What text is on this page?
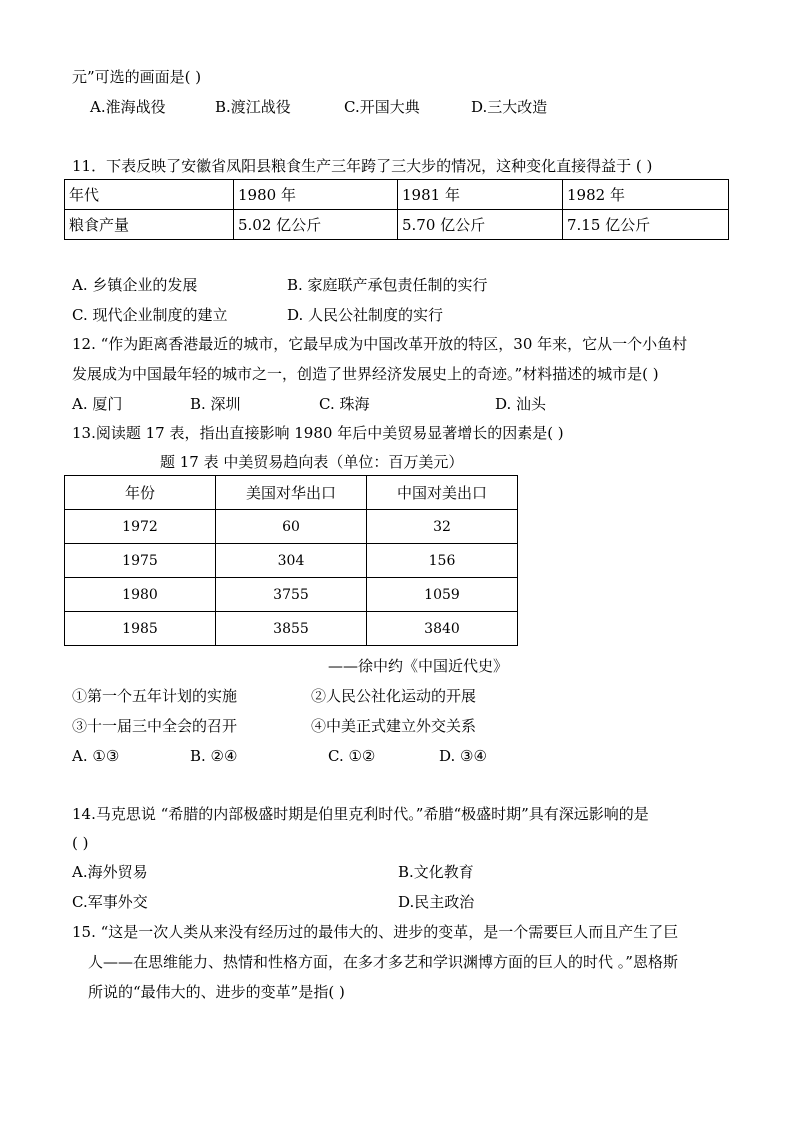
元”可选的画面是( )
A.淮海战役	B.渡江战役	C.开国大典	D.三大改造
11．下表反映了安徽省凤阳县粮食生产三年跨了三大步的情况，这种变化直接得益于 ( )
年代	1980 年	1981 年	1982 年
粮食产量	5.02 亿公斤	5.70 亿公斤	7.15 亿公斤
A. 乡镇企业的发展	B. 家庭联产承包责任制的实行
C. 现代企业制度的建立	D. 人民公社制度的实行
12. “作为距离香港最近的城市，它最早成为中国改革开放的特区，30 年来，它从一个小鱼村
发展成为中国最年轻的城市之一，创造了世界经济发展史上的奇迹。”材料描述的城市是( )
A. 厦门	B. 深圳	C. 珠海	D. 汕头
13.阅读题 17 表，指出直接影响 1980 年后中美贸易显著增长的因素是( )
题 17 表 中美贸易趋向表（单位：百万美元）
年份	美国对华出口	中国对美出口
1972	60	32
1975	304	156
1980	3755	1059
1985	3855	3840
——徐中约《中国近代史》
①第一个五年计划的实施	②人民公社化运动的开展
③十一届三中全会的召开	④中美正式建立外交关系
A. ①③	B. ②④	C. ①②	D. ③④
14.马克思说 “希腊的内部极盛时期是伯里克利时代。”希腊“极盛时期”具有深远影响的是
( )
A.海外贸易	B.文化教育
C.军事外交	D.民主政治
15. “这是一次人类从来没有经历过的最伟大的、进步的变革，是一个需要巨人而且产生了巨
人——在思维能力、热情和性格方面，在多才多艺和学识渊博方面的巨人的时代 。”恩格斯
所说的“最伟大的、进步的变革”是指( )
